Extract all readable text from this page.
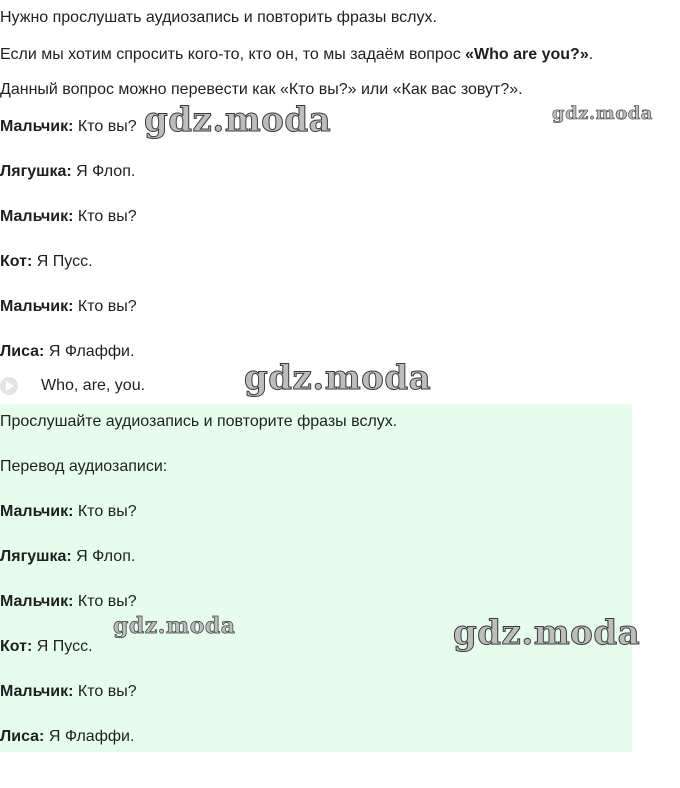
Нужно прослушать аудиозапись и повторить фразы вслух.
Если мы хотим спросить кого-то, кто он, то мы задаём вопрос «Who are you?».
Данный вопрос можно перевести как «Кто вы?» или «Как вас зовут?».
Мальчик: Кто вы?
Лягушка: Я Флоп.
Мальчик: Кто вы?
Кот: Я Пусс.
Мальчик: Кто вы?
Лиса: Я Флаффи.
Who, are, you.
Прослушайте аудиозапись и повторите фразы вслух.
Перевод аудиозаписи:
Мальчик: Кто вы?
Лягушка: Я Флоп.
Мальчик: Кто вы?
Кот: Я Пусс.
Мальчик: Кто вы?
Лиса: Я Флаффи.
gdz.moda	gdz.moda
gdz.moda
gdz.moda	gdz.moda
